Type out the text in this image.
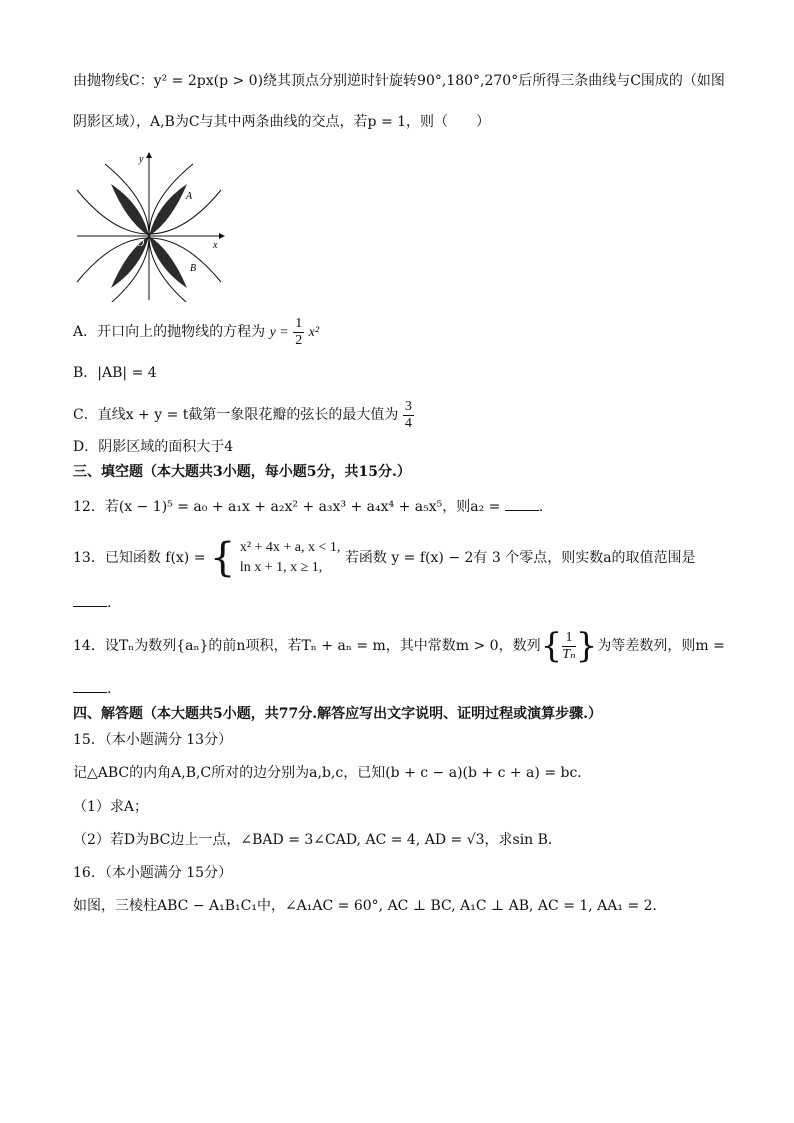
由抛物线C：y² = 2px(p > 0)绕其顶点分别逆时针旋转90°,180°,270°后所得三条曲线与C围成的（如图
阴影区域），A,B为C与其中两条曲线的交点，若p = 1，则（　　）
y
x
O
A
B
A．开口向上的抛物线的方程为 $y = \frac{1}{2} x^2$
B．|AB| = 4
C．直线x + y = t截第一象限花瓣的弦长的最大值为 $\frac{3}{4}$
D．阴影区域的面积大于4
三、填空题（本大题共3小题，每小题5分，共15分.）
12．若(x − 1)⁵ = a₀ + a₁x + a₂x² + a₃x³ + a₄x⁴ + a₅x⁵，则a₂ =	.
13．已知函数 f(x) = { x² + 4x + a, x < 1,
ln x + 1, x ≥ 1,
若函数 y = f(x) − 2有 3 个零点，则实数a的取值范围是
.
14．设Tₙ为数列{aₙ}的前n项积，若Tₙ + aₙ = m，其中常数m > 0，数列{ $\frac{1}{\text{Tₙ}}$ }为等差数列，则m =
.
四、解答题（本大题共5小题，共77分.解答应写出文字说明、证明过程或演算步骤.）
15．（本小题满分 13分）
记△ABC的内角A,B,C所对的边分别为a,b,c，已知(b + c − a)(b + c + a) = bc．
（1）求A；
（2）若D为BC边上一点，∠BAD = 3∠CAD, AC = 4, AD = √3，求sin B．
16．（本小题满分 15分）
如图，三棱柱ABC − A₁B₁C₁中，∠A₁AC = 60°, AC ⊥ BC, A₁C ⊥ AB, AC = 1, AA₁ = 2．
